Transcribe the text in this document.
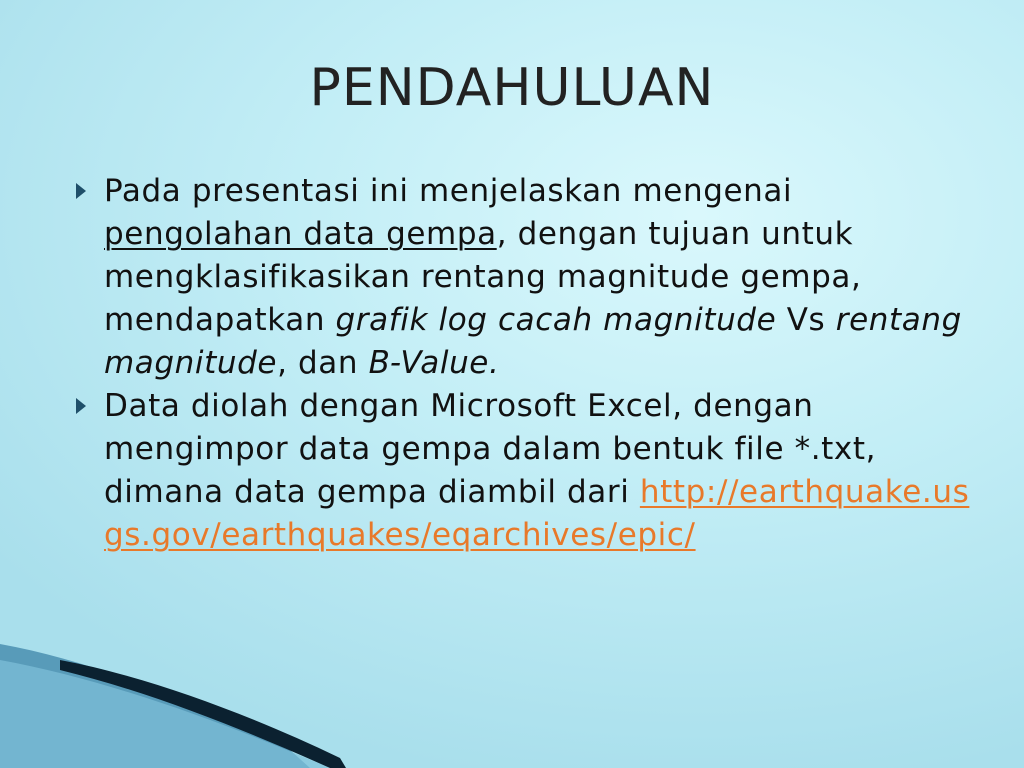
PENDAHULUAN

Pada presentasi ini menjelaskan mengenai pengolahan data gempa, dengan tujuan untuk mengklasifikasikan rentang magnitude gempa, mendapatkan grafik log cacah magnitude Vs rentang magnitude, dan B-Value.

Data diolah dengan Microsoft Excel, dengan mengimpor data gempa dalam bentuk file *.txt, dimana data gempa diambil dari http://earthquake.usgs.gov/earthquakes/eqarchives/epic/
